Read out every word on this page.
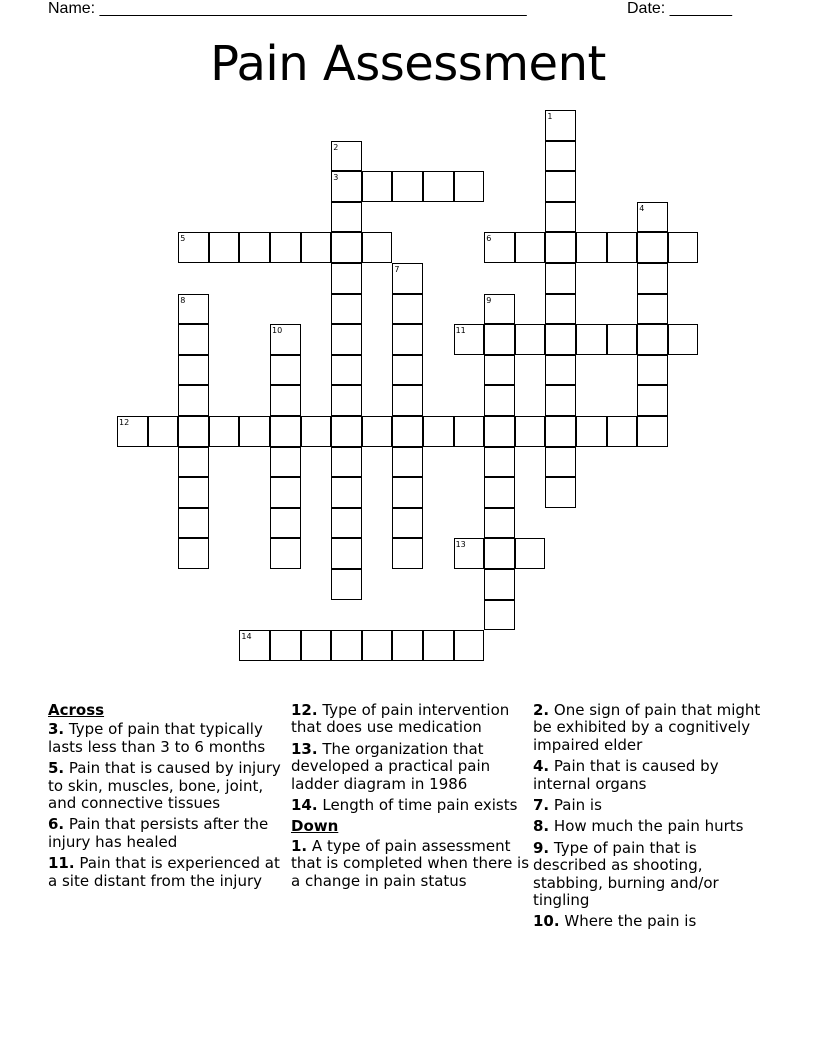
Name: ________________________________________________	Date: _______
Pain Assessment
1
2
3
4
5	6
7
8	9
10	11
12
13
14
Across
3. Type of pain that typically lasts less than 3 to 6 months
5. Pain that is caused by injury to skin, muscles, bone, joint, and connective tissues
6. Pain that persists after the injury has healed
11. Pain that is experienced at a site distant from the injury
12. Type of pain intervention that does use medication
13. The organization that developed a practical pain ladder diagram in 1986
14. Length of time pain exists
Down
1. A type of pain assessment that is completed when there is a change in pain status
2. One sign of pain that might be exhibited by a cognitively impaired elder
4. Pain that is caused by internal organs
7. Pain is
8. How much the pain hurts
9. Type of pain that is described as shooting, stabbing, burning and/or tingling
10. Where the pain is
